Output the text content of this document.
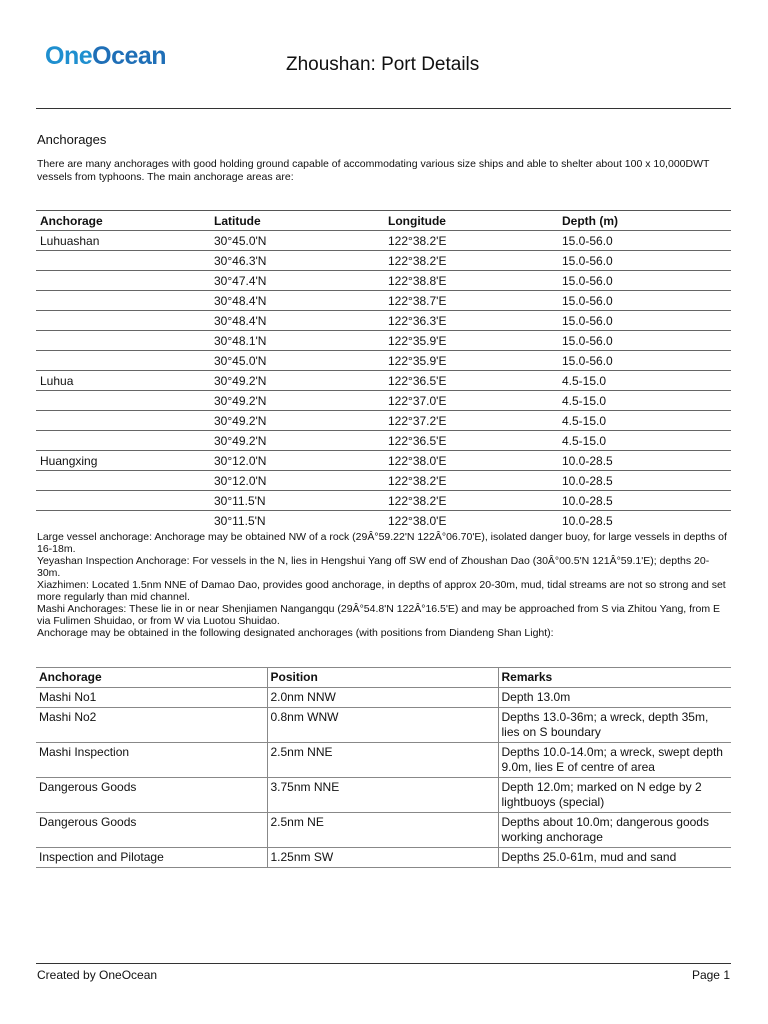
OneOcean	Zhoushan: Port Details
Anchorages
There are many anchorages with good holding ground capable of accommodating various size ships and able to shelter about 100 x 10,000DWT vessels from typhoons. The main anchorage areas are:
Anchorage	Latitude	Longitude	Depth (m)
Luhuashan	30°45.0'N	122°38.2'E	15.0-56.0
	30°46.3'N	122°38.2'E	15.0-56.0
	30°47.4'N	122°38.8'E	15.0-56.0
	30°48.4'N	122°38.7'E	15.0-56.0
	30°48.4'N	122°36.3'E	15.0-56.0
	30°48.1'N	122°35.9'E	15.0-56.0
	30°45.0'N	122°35.9'E	15.0-56.0
Luhua	30°49.2'N	122°36.5'E	4.5-15.0
	30°49.2'N	122°37.0'E	4.5-15.0
	30°49.2'N	122°37.2'E	4.5-15.0
	30°49.2'N	122°36.5'E	4.5-15.0
Huangxing	30°12.0'N	122°38.0'E	10.0-28.5
	30°12.0'N	122°38.2'E	10.0-28.5
	30°11.5'N	122°38.2'E	10.0-28.5
	30°11.5'N	122°38.0'E	10.0-28.5

Large vessel anchorage: Anchorage may be obtained NW of a rock (29Â°59.22'N 122Â°06.70'E), isolated danger buoy, for large vessels in depths of 16-18m.

Yeyashan Inspection Anchorage: For vessels in the N, lies in Hengshui Yang off SW end of Zhoushan Dao (30Â°00.5'N 121Â°59.1'E); depths 20-30m.

Xiazhimen: Located 1.5nm NNE of Damao Dao, provides good anchorage, in depths of approx 20-30m, mud, tidal streams are not so strong and set more regularly than mid channel.

Mashi Anchorages: These lie in or near Shenjiamen Nangangqu (29Â°54.8'N 122Â°16.5'E) and may be approached from S via Zhitou Yang, from E via Fulimen Shuidao, or from W via Luotou Shuidao.

Anchorage may be obtained in the following designated anchorages (with positions from Diandeng Shan Light):

Anchorage	Position	Remarks
Mashi No1	2.0nm NNW	Depth 13.0m
Mashi No2	0.8nm WNW	Depths 13.0-36m; a wreck, depth 35m, lies on S boundary
Mashi Inspection	2.5nm NNE	Depths 10.0-14.0m; a wreck, swept depth 9.0m, lies E of centre of area
Dangerous Goods	3.75nm NNE	Depth 12.0m; marked on N edge by 2 lightbuoys (special)
Dangerous Goods	2.5nm NE	Depths about 10.0m; dangerous goods working anchorage
Inspection and Pilotage	1.25nm SW	Depths 25.0-61m, mud and sand
Created by OneOcean	Page 1
